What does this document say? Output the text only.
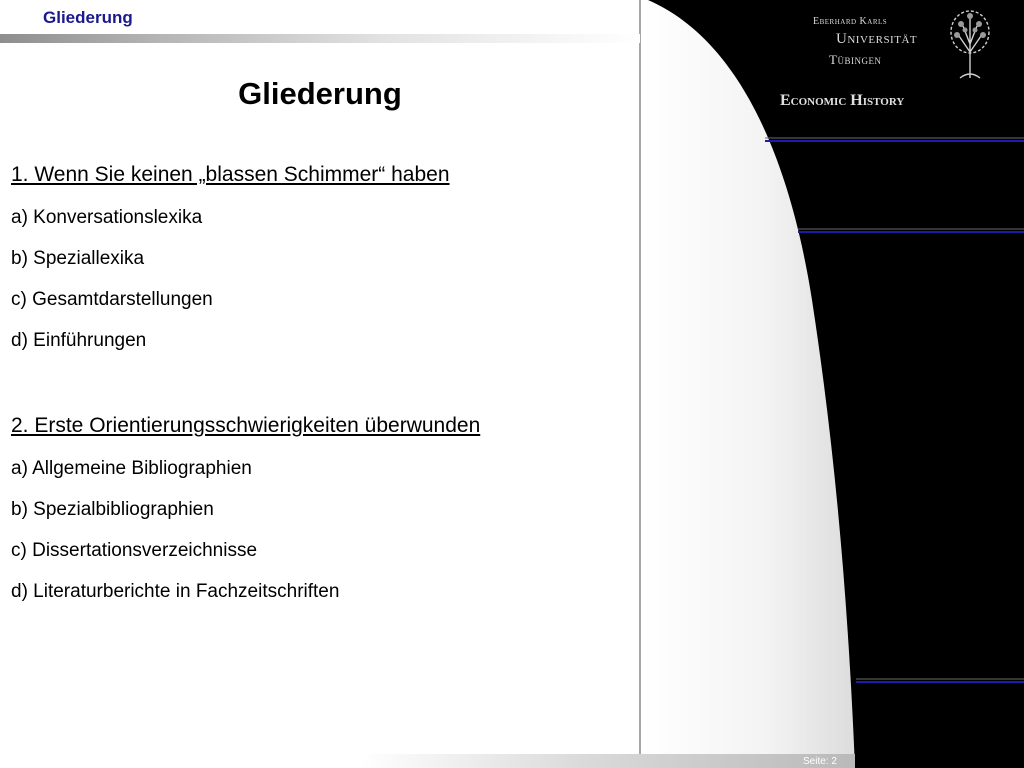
Gliederung	Eberhard Karls
Universität
Tübingen
Economic History
Gliederung
1. Wenn Sie keinen „blassen Schimmer“ haben
a) Konversationslexika
b) Speziallexika
c) Gesamtdarstellungen
d) Einführungen
2. Erste Orientierungsschwierigkeiten überwunden
a) Allgemeine Bibliographien
b) Spezialbibliographien
c) Dissertationsverzeichnisse
d) Literaturberichte in Fachzeitschriften
Seite: 2
